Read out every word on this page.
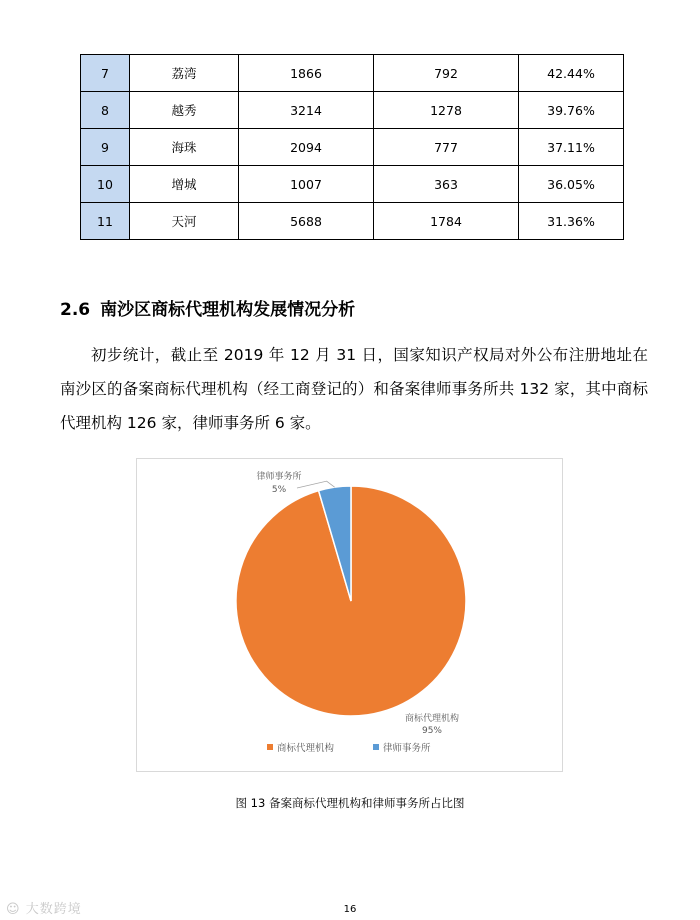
7	荔湾	1866	792	42.44%
8	越秀	3214	1278	39.76%
9	海珠	2094	777	37.11%
10	增城	1007	363	36.05%
11	天河	5688	1784	31.36%
2.6 南沙区商标代理机构发展情况分析

初步统计，截止至 2019 年 12 月 31 日，国家知识产权局对外公布注册地址在南沙区的备案商标代理机构（经工商登记的）和备案律师事务所共 132 家，其中商标代理机构 126 家，律师事务所 6 家。

商标代理机构
95%
律师事务所
5%
商标代理机构	律师事务所

图 13 备案商标代理机构和律师事务所占比图

16
☺ 大数跨境
